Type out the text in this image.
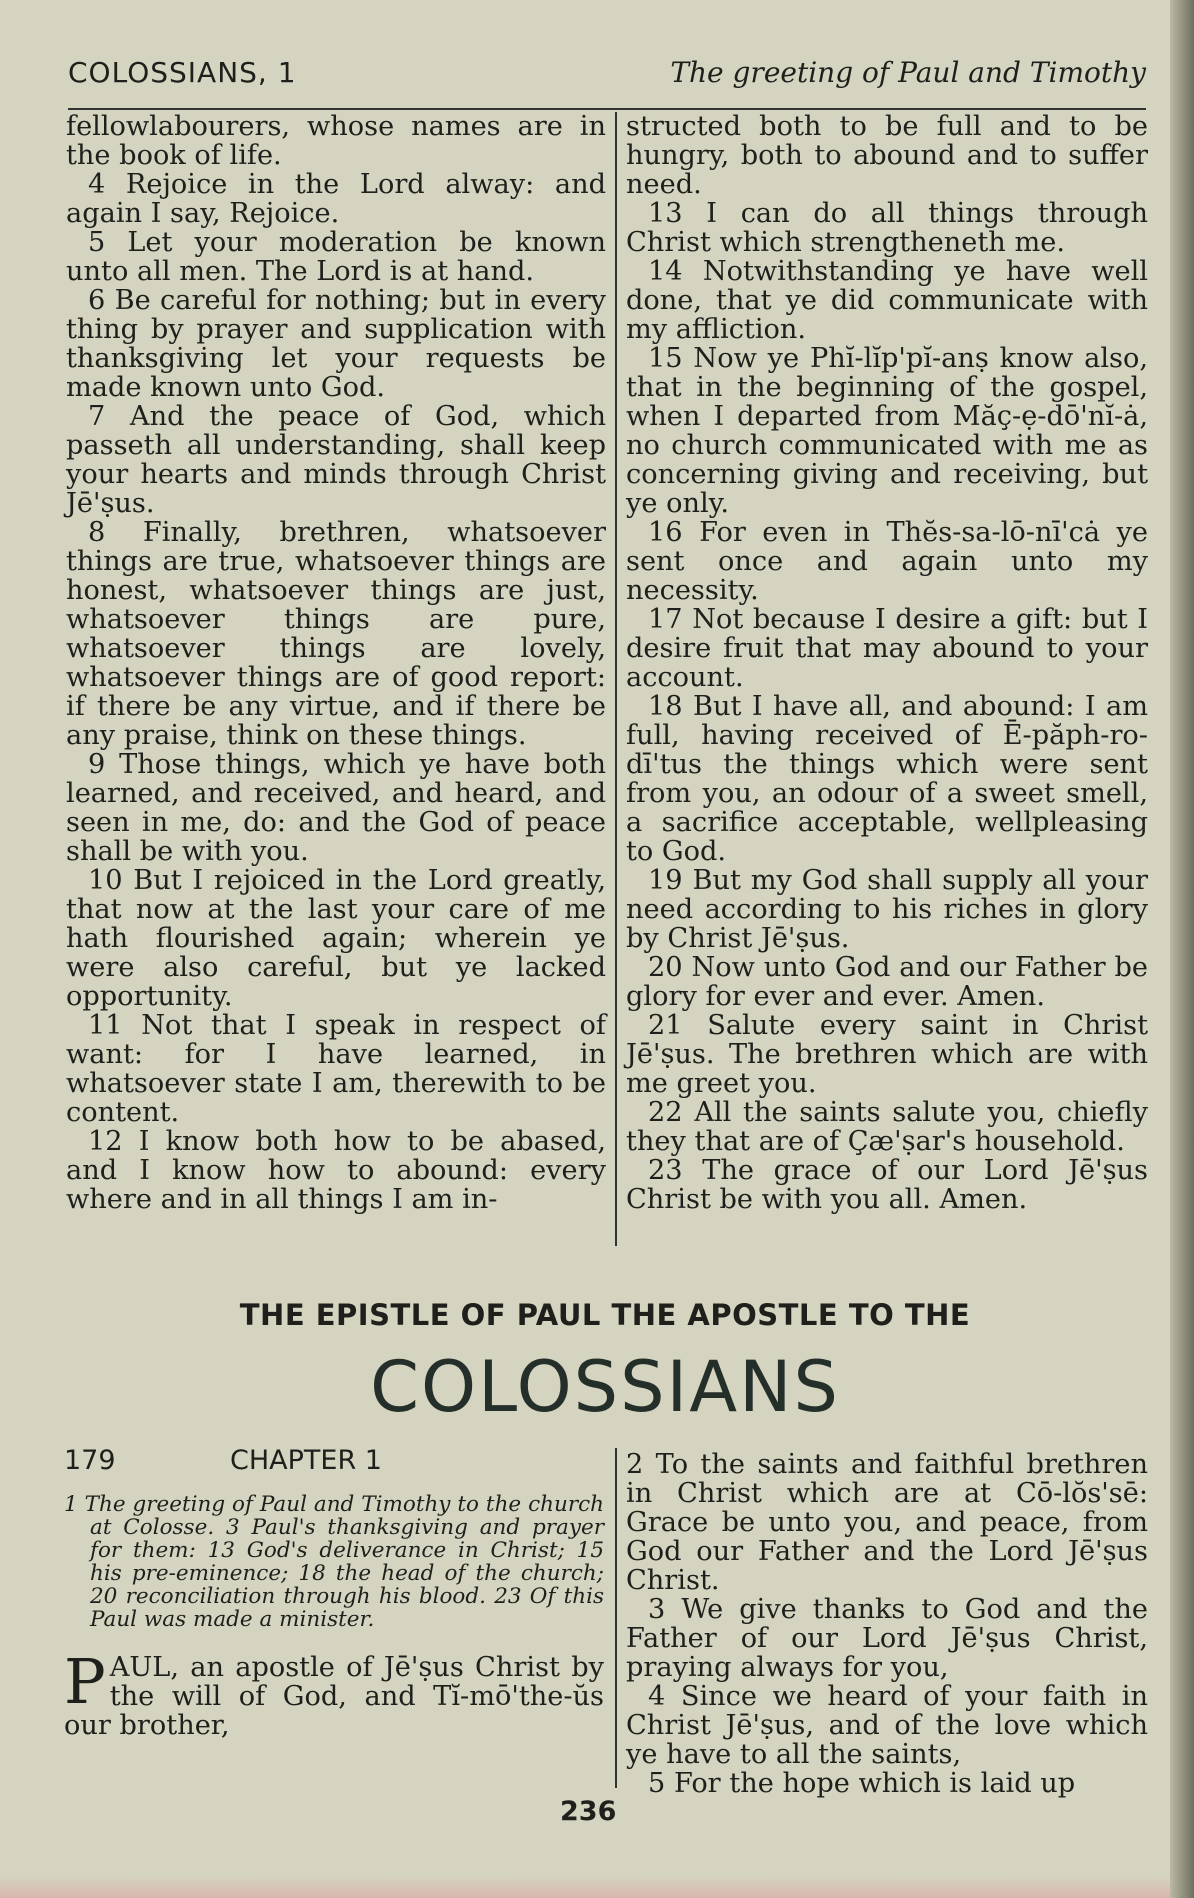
COLOSSIANS, 1	The greeting of Paul and Timothy

fellowlabourers, whose names are in the book of life.

4 Rejoice in the Lord alway: and again I say, Rejoice.

5 Let your moderation be known unto all men. The Lord is at hand.

6 Be careful for nothing; but in every thing by prayer and supplication with thanksgiving let your requests be made known unto God.

7 And the peace of God, which passeth all understanding, shall keep your hearts and minds through Christ Jē'ṣus.

8 Finally, brethren, whatsoever things are true, whatsoever things are honest, whatsoever things are just, whatsoever things are pure, whatsoever things are lovely, whatsoever things are of good report: if there be any virtue, and if there be any praise, think on these things.

9 Those things, which ye have both learned, and received, and heard, and seen in me, do: and the God of peace shall be with you.

10 But I rejoiced in the Lord greatly, that now at the last your care of me hath flourished again; wherein ye were also careful, but ye lacked opportunity.

11 Not that I speak in respect of want: for I have learned, in whatsoever state I am, therewith to be content.

12 I know both how to be abased, and I know how to abound: every where and in all things I am in-

structed both to be full and to be hungry, both to abound and to suffer need.

13 I can do all things through Christ which strengtheneth me.

14 Notwithstanding ye have well done, that ye did communicate with my affliction.

15 Now ye Phĭ-lĭp'pĭ-anṣ know also, that in the beginning of the gospel, when I departed from Măç-ẹ-dō'nĭ-ȧ, no church communicated with me as concerning giving and receiving, but ye only.

16 For even in Thĕs-sa-lō-nī'cȧ ye sent once and again unto my necessity.

17 Not because I desire a gift: but I desire fruit that may abound to your account.

18 But I have all, and abound: I am full, having received of Ē-păph-ro-dī'tus the things which were sent from you, an odour of a sweet smell, a sacrifice acceptable, wellpleasing to God.

19 But my God shall supply all your need according to his riches in glory by Christ Jē'ṣus.

20 Now unto God and our Father be glory for ever and ever. Amen.

21 Salute every saint in Christ Jē'ṣus. The brethren which are with me greet you.

22 All the saints salute you, chiefly they that are of Çæ'ṣar's household.

23 The grace of our Lord Jē'ṣus Christ be with you all. Amen.

THE EPISTLE OF PAUL THE APOSTLE TO THE
COLOSSIANS
179	CHAPTER 1
1 The greeting of Paul and Timothy to the church at Colosse. 3 Paul's thanksgiving and prayer for them: 13 God's deliverance in Christ; 15 his pre-eminence; 18 the head of the church; 20 reconciliation through his blood. 23 Of this Paul was made a minister.
P AUL, an apostle of Jē'ṣus Christ by the will of God, and Tĭ-mō'the-ŭs our brother,

2 To the saints and faithful brethren in Christ which are at Cō-lŏs'sē: Grace be unto you, and peace, from God our Father and the Lord Jē'ṣus Christ.

3 We give thanks to God and the Father of our Lord Jē'ṣus Christ, praying always for you,

4 Since we heard of your faith in Christ Jē'ṣus, and of the love which ye have to all the saints,

5 For the hope which is laid up

236
